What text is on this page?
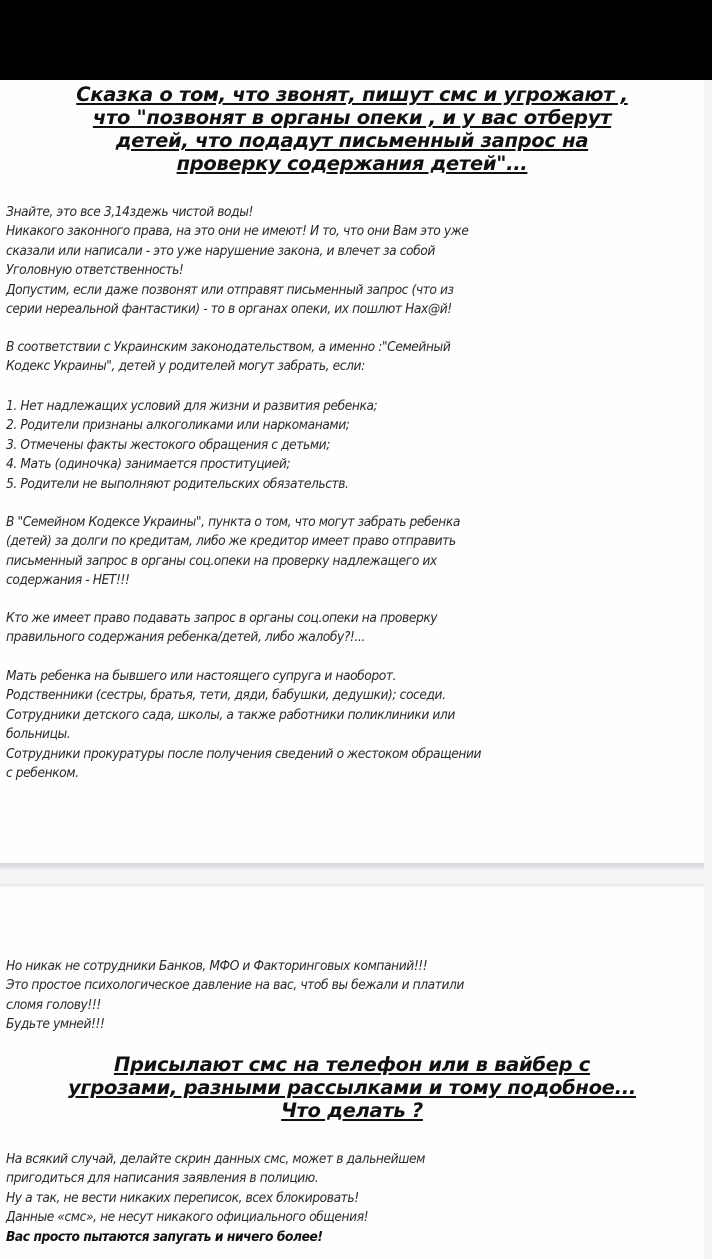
Сказка о том, что звонят, пишут смс и угрожают ,
что "позвонят в органы опеки , и у вас отберут
детей, что подадут письменный запрос на
проверку содержания детей"...
Знайте, это все 3,14здежь чистой воды!
Никакого законного права, на это они не имеют! И то, что они Вам это уже
сказали или написали - это уже нарушение закона, и влечет за собой
Уголовную ответственность!
Допустим, если даже позвонят или отправят письменный запрос (что из
серии нереальной фантастики) - то в органах опеки, их пошлют Нах@й!
В соответствии с Украинским законодательством, а именно :"Семейный
Кодекс Украины", детей у родителей могут забрать, если:
1. Нет надлежащих условий для жизни и развития ребенка;
2. Родители признаны алкоголиками или наркоманами;
3. Отмечены факты жестокого обращения с детьми;
4. Мать (одиночка) занимается проституцией;
5. Родители не выполняют родительских обязательств.
В "Семейном Кодексе Украины", пункта о том, что могут забрать ребенка
(детей) за долги по кредитам, либо же кредитор имеет право отправить
письменный запрос в органы соц.опеки на проверку надлежащего их
содержания - НЕТ!!!
Кто же имеет право подавать запрос в органы соц.опеки на проверку
правильного содержания ребенка/детей, либо жалобу?!...
Мать ребенка на бывшего или настоящего супруга и наоборот.
Родственники (сестры, братья, тети, дяди, бабушки, дедушки); соседи.
Сотрудники детского сада, школы, а также работники поликлиники или
больницы.
Сотрудники прокуратуры после получения сведений о жестоком обращении
с ребенком.
Но никак не сотрудники Банков, МФО и Факторинговых компаний!!!
Это простое психологическое давление на вас, чтоб вы бежали и платили
сломя голову!!!
Будьте умней!!!
Присылают смс на телефон или в вайбер с
угрозами, разными рассылками и тому подобное...
Что делать ?
На всякий случай, делайте скрин данных смс, может в дальнейшем
пригодиться для написания заявления в полицию.
Ну а так, не вести никаких переписок, всех блокировать!
Данные «смс», не несут никакого официального общения!
Вас просто пытаются запугать и ничего более!
